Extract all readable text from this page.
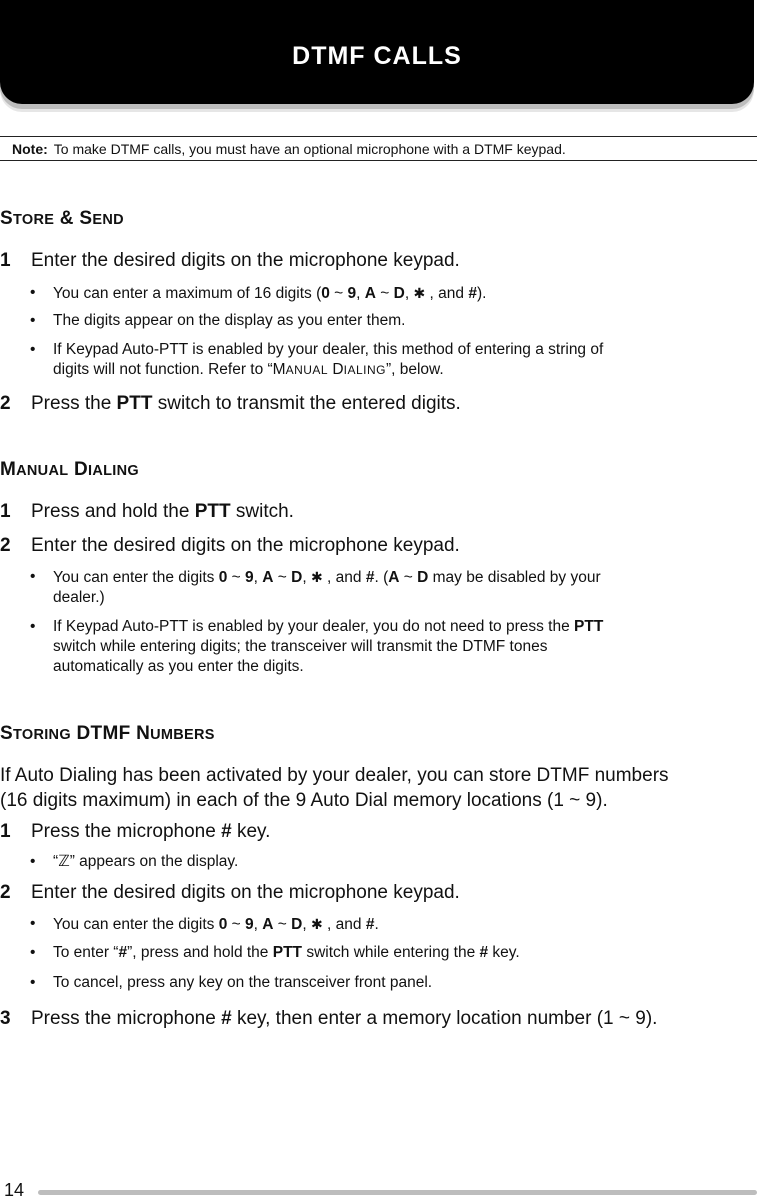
DTMF CALLS
Note: To make DTMF calls, you must have an optional microphone with a DTMF keypad.
STORE & SEND
1 Enter the desired digits on the microphone keypad.
• You can enter a maximum of 16 digits (0 ~ 9, A ~ D, ✱ , and #).
• The digits appear on the display as you enter them.
• If Keypad Auto-PTT is enabled by your dealer, this method of entering a string of
digits will not function. Refer to “MANUAL DIALING”, below.
2 Press the PTT switch to transmit the entered digits.
MANUAL DIALING
1 Press and hold the PTT switch.
2 Enter the desired digits on the microphone keypad.
• You can enter the digits 0 ~ 9, A ~ D, ✱ , and #. (A ~ D may be disabled by your
dealer.)
• If Keypad Auto-PTT is enabled by your dealer, you do not need to press the PTT
switch while entering digits; the transceiver will transmit the DTMF tones
automatically as you enter the digits.
STORING DTMF NUMBERS
If Auto Dialing has been activated by your dealer, you can store DTMF numbers
(16 digits maximum) in each of the 9 Auto Dial memory locations (1 ~ 9).
1 Press the microphone # key.
• “ℤ” appears on the display.
2 Enter the desired digits on the microphone keypad.
• You can enter the digits 0 ~ 9, A ~ D, ✱ , and #.
• To enter “#”, press and hold the PTT switch while entering the # key.
• To cancel, press any key on the transceiver front panel.
3 Press the microphone # key, then enter a memory location number (1 ~ 9).
14
